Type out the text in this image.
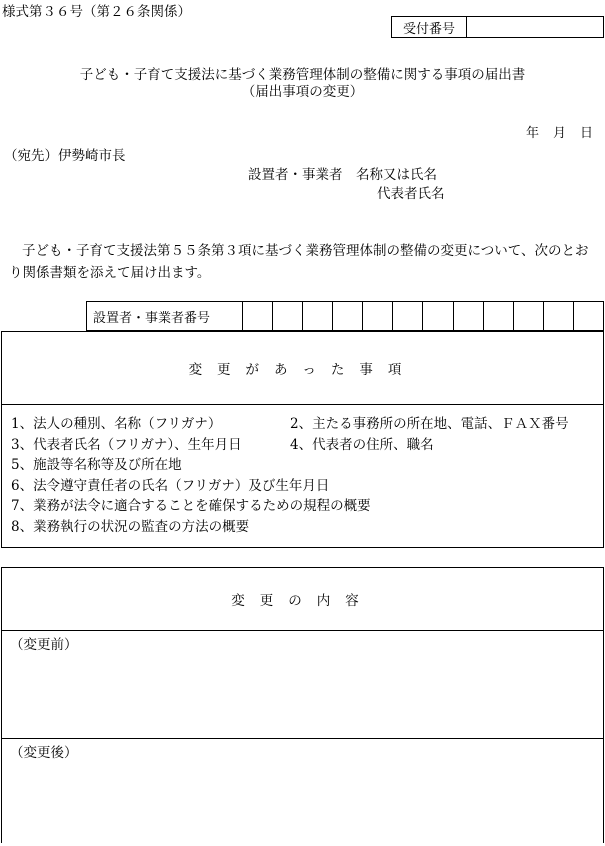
様式第３６号（第２６条関係）
受付番号
子ども・子育て支援法に基づく業務管理体制の整備に関する事項の届出書
（届出事項の変更）
年 月 日
（宛先）伊勢崎市長
設置者・事業者　名称又は氏名
代表者氏名
子ども・子育て支援法第５５条第３項に基づく業務管理体制の整備の変更について、次のとおり関係書類を添えて届け出ます。
設置者・事業者番号
変更があった事項
1、法人の種別、名称（フリガナ）	2、主たる事務所の所在地、電話、ＦＡＸ番号
3、代表者氏名（フリガナ）、生年月日	4、代表者の住所、職名
5、施設等名称等及び所在地
6、法令遵守責任者の氏名（フリガナ）及び生年月日
7、業務が法令に適合することを確保するための規程の概要
8、業務執行の状況の監査の方法の概要
変更の内容
（変更前）
（変更後）
